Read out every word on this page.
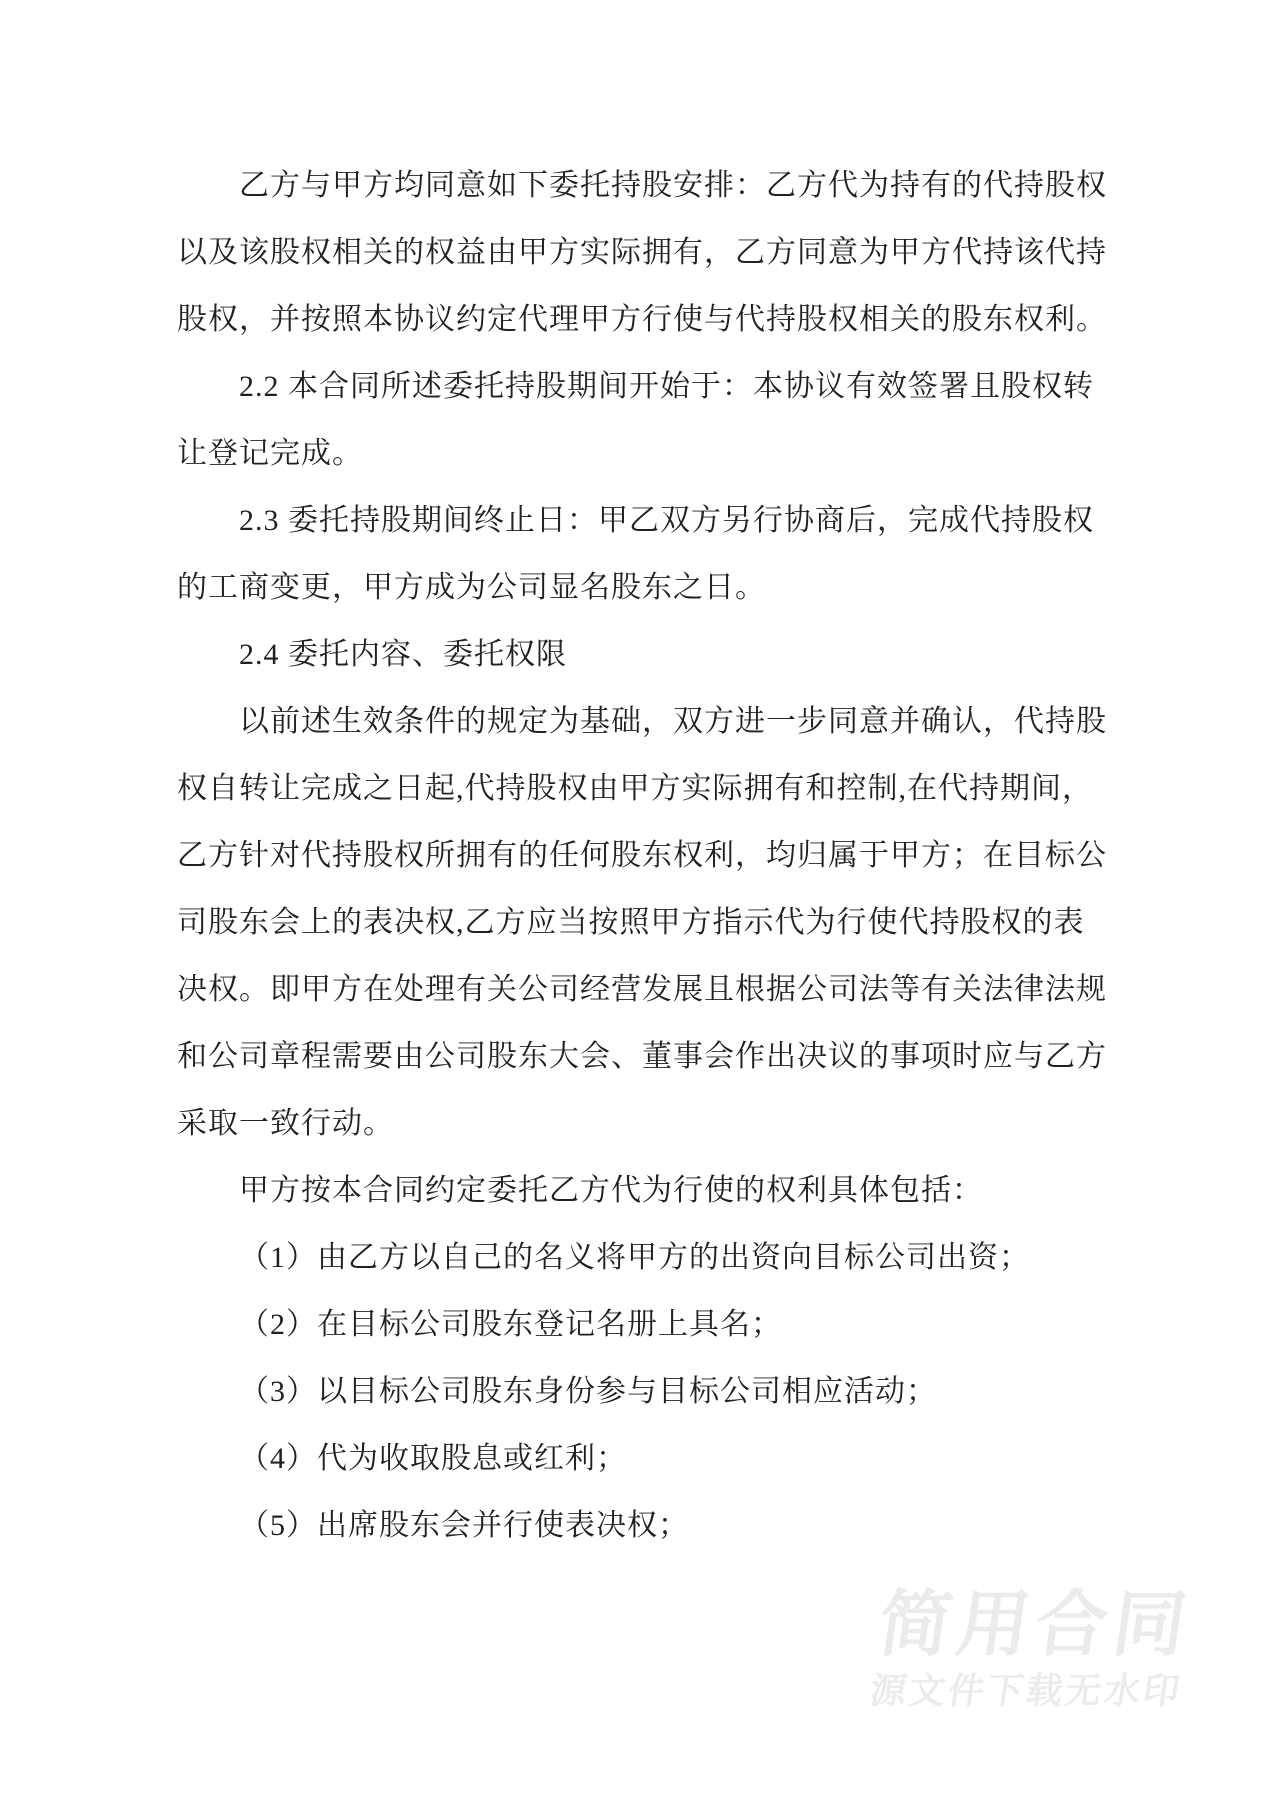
乙方与甲方均同意如下委托持股安排：乙方代为持有的代持股权
以及该股权相关的权益由甲方实际拥有，乙方同意为甲方代持该代持
股权，并按照本协议约定代理甲方行使与代持股权相关的股东权利。
2.2 本合同所述委托持股期间开始于：本协议有效签署且股权转
让登记完成。
2.3 委托持股期间终止日：甲乙双方另行协商后，完成代持股权
的工商变更，甲方成为公司显名股东之日。
2.4 委托内容、委托权限
以前述生效条件的规定为基础，双方进一步同意并确认，代持股
权自转让完成之日起,代持股权由甲方实际拥有和控制,在代持期间，
乙方针对代持股权所拥有的任何股东权利，均归属于甲方；在目标公
司股东会上的表决权,乙方应当按照甲方指示代为行使代持股权的表
决权。即甲方在处理有关公司经营发展且根据公司法等有关法律法规
和公司章程需要由公司股东大会、董事会作出决议的事项时应与乙方
采取一致行动。
甲方按本合同约定委托乙方代为行使的权利具体包括：
（1）由乙方以自己的名义将甲方的出资向目标公司出资；
（2）在目标公司股东登记名册上具名；
（3）以目标公司股东身份参与目标公司相应活动；
（4）代为收取股息或红利；
（5）出席股东会并行使表决权；
简用合同
源文件下载无水印
